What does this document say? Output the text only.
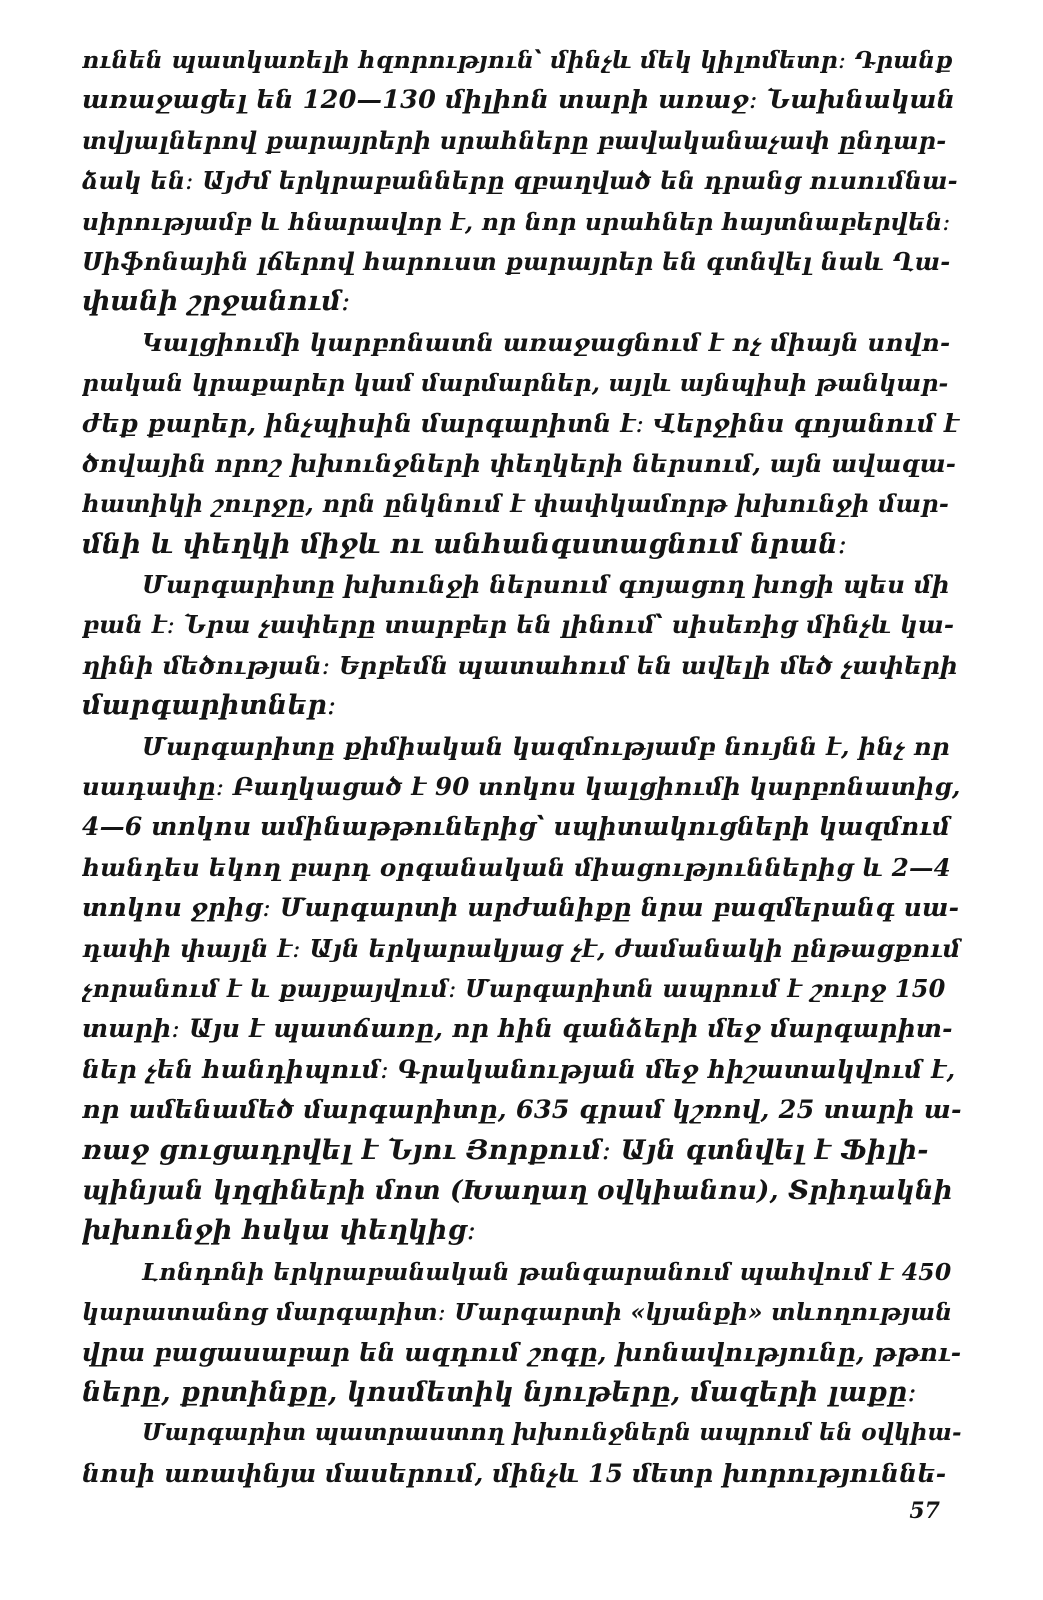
ունեն պատկառելի հզորություն՝ մինչև մեկ կիլոմետր։ Դրանք
առաջացել են 120—130 միլիոն տարի առաջ։ Նախնական
տվյալներով քարայրերի սրահները բավականաչափ ընդար-
ձակ են։ Այժմ երկրաբանները զբաղված են դրանց ուսումնա-
սիրությամբ և հնարավոր է, որ նոր սրահներ հայտնաբերվեն։
Սիֆոնային լճերով հարուստ քարայրեր են գտնվել նաև Ղա-
փանի շրջանում։
Կալցիումի կարբոնատն առաջացնում է ոչ միայն սովո-
րական կրաքարեր կամ մարմարներ, այլև այնպիսի թանկար-
ժեք քարեր, ինչպիսին մարգարիտն է։ Վերջինս գոյանում է
ծովային որոշ խխունջների փեղկերի ներսում, այն ավազա-
հատիկի շուրջը, որն ընկնում է փափկամորթ խխունջի մար-
մնի և փեղկի միջև ու անհանգստացնում նրան։
Մարգարիտը խխունջի ներսում գոյացող խոցի պես մի
բան է։ Նրա չափերը տարբեր են լինում՝ սիսեռից մինչև կա-
ղինի մեծության։ Երբեմն պատահում են ավելի մեծ չափերի
մարգարիտներ։
Մարգարիտը քիմիական կազմությամբ նույնն է, ինչ որ
սադափը։ Բաղկացած է 90 տոկոս կալցիումի կարբոնատից,
4—6 տոկոս ամինաթթուներից՝ սպիտակուցների կազմում
հանդես եկող բարդ օրգանական միացություններից և 2—4
տոկոս ջրից։ Մարգարտի արժանիքը նրա բազմերանգ սա-
դափի փայլն է։ Այն երկարակյաց չէ, ժամանակի ընթացքում
չորանում է և քայքայվում։ Մարգարիտն ապրում է շուրջ 150
տարի։ Այս է պատճառը, որ հին գանձերի մեջ մարգարիտ-
ներ չեն հանդիպում։ Գրականության մեջ հիշատակվում է,
որ ամենամեծ մարգարիտը, 635 գրամ կշռով, 25 տարի ա-
ռաջ ցուցադրվել է Նյու Յորքում։ Այն գտնվել է Ֆիլի-
պինյան կղզիների մոտ (Խաղաղ օվկիանոս), Տրիդակնի
խխունջի հսկա փեղկից։
Լոնդոնի երկրաբանական թանգարանում պահվում է 450
կարատանոց մարգարիտ։ Մարգարտի «կյանքի» տևողության
վրա բացասաբար են ազդում շոգը, խոնավությունը, թթու-
ները, քրտինքը, կոսմետիկ նյութերը, մազերի լաքը։
Մարգարիտ պատրաստող խխունջներն ապրում են օվկիա-
նոսի առափնյա մասերում, մինչև 15 մետր խորություննե-
57
